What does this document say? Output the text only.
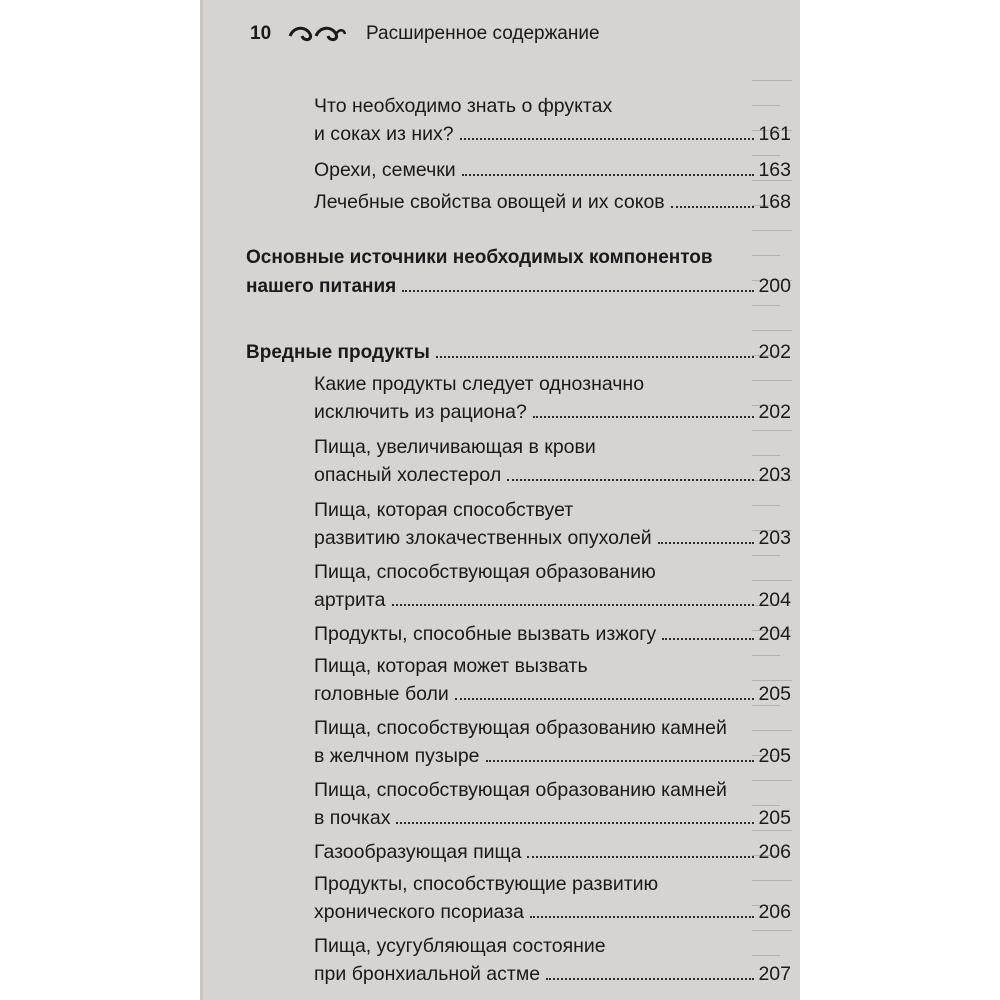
10	Расширенное содержание
Что необходимо знать о фруктах
и соках из них?	161
Орехи, семечки	163
Лечебные свойства овощей и их соков	168
Основные источники необходимых компонентов
нашего питания	200
Вредные продукты	202
Какие продукты следует однозначно
исключить из рациона?	202
Пища, увеличивающая в крови
опасный холестерол	203
Пища, которая способствует
развитию злокачественных опухолей	203
Пища, способствующая образованию
артрита	204
Продукты, способные вызвать изжогу	204
Пища, которая может вызвать
головные боли	205
Пища, способствующая образованию камней
в желчном пузыре	205
Пища, способствующая образованию камней
в почках	205
Газообразующая пища	206
Продукты, способствующие развитию
хронического псориаза	206
Пища, усугубляющая состояние
при бронхиальной астме	207
